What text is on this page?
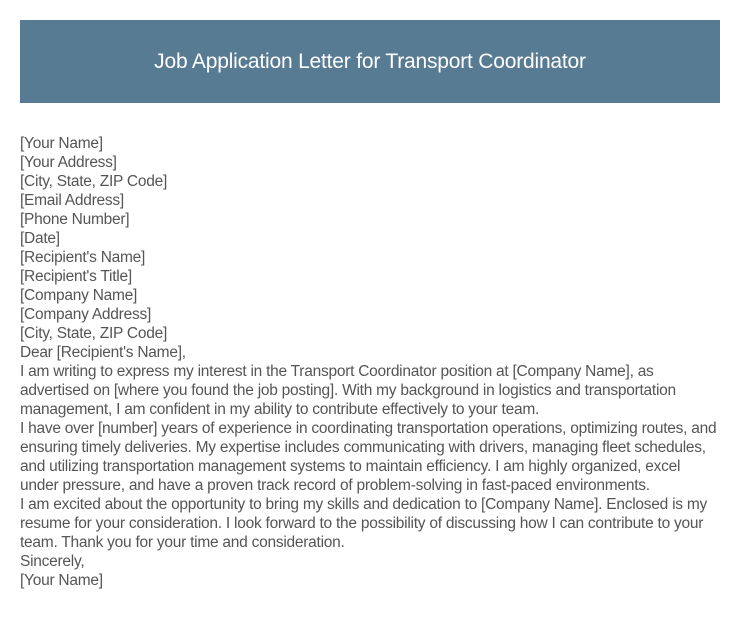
Job Application Letter for Transport Coordinator

[Your Name]

[Your Address]

[City, State, ZIP Code]

[Email Address]

[Phone Number]

[Date]

[Recipient's Name]

[Recipient's Title]

[Company Name]

[Company Address]

[City, State, ZIP Code]

Dear [Recipient's Name],

I am writing to express my interest in the Transport Coordinator position at [Company Name], as advertised on [where you found the job posting]. With my background in logistics and transportation management, I am confident in my ability to contribute effectively to your team.

I have over [number] years of experience in coordinating transportation operations, optimizing routes, and ensuring timely deliveries. My expertise includes communicating with drivers, managing fleet schedules, and utilizing transportation management systems to maintain efficiency. I am highly organized, excel under pressure, and have a proven track record of problem-solving in fast-paced environments.

I am excited about the opportunity to bring my skills and dedication to [Company Name]. Enclosed is my resume for your consideration. I look forward to the possibility of discussing how I can contribute to your team. Thank you for your time and consideration.

Sincerely,

[Your Name]
